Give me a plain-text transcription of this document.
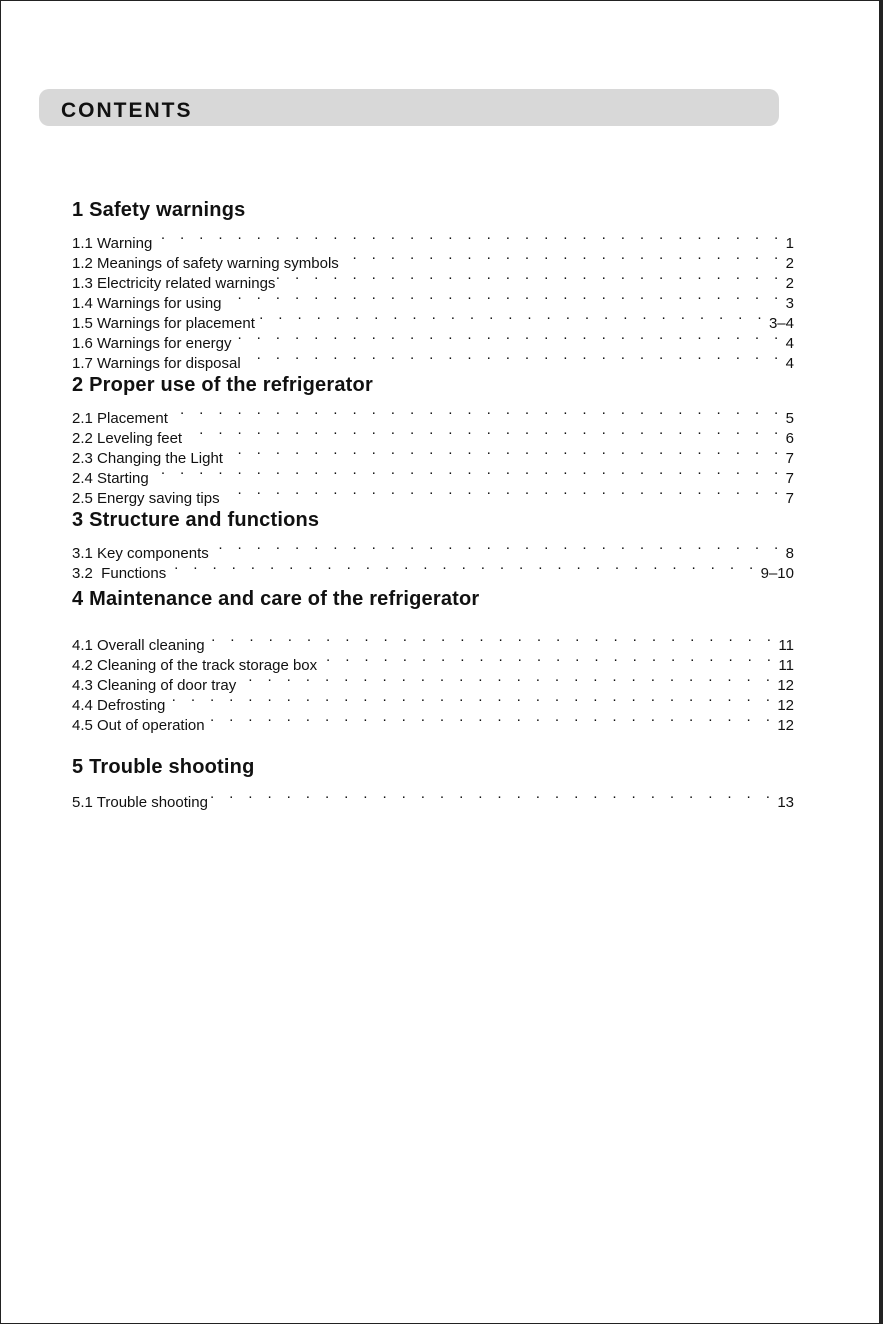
CONTENTS
1 Safety warnings
1.1 Warning · · ·	1
1.2 Meanings of safety warning symbols · · ·	2
1.3 Electricity related warnings · · ·	2
1.4 Warnings for using · · ·	3
1.5 Warnings for placement · · ·	3–4
1.6 Warnings for energy · · ·	4
1.7 Warnings for disposal · · ·	4
2 Proper use of the refrigerator
2.1 Placement · · ·	5
2.2 Leveling feet · · ·	6
2.3 Changing the Light · · ·	7
2.4 Starting · · ·	7
2.5 Energy saving tips · · ·	7
3 Structure and functions
3.1 Key components · · ·	8
3.2  Functions · · ·	9–10
4 Maintenance and care of the refrigerator
4.1 Overall cleaning · · ·	11
4.2 Cleaning of the track storage box · · ·	11
4.3 Cleaning of door tray · · ·	12
4.4 Defrosting · · ·	12
4.5 Out of operation · · ·	12
5 Trouble shooting
5.1 Trouble shooting · · ·	13
